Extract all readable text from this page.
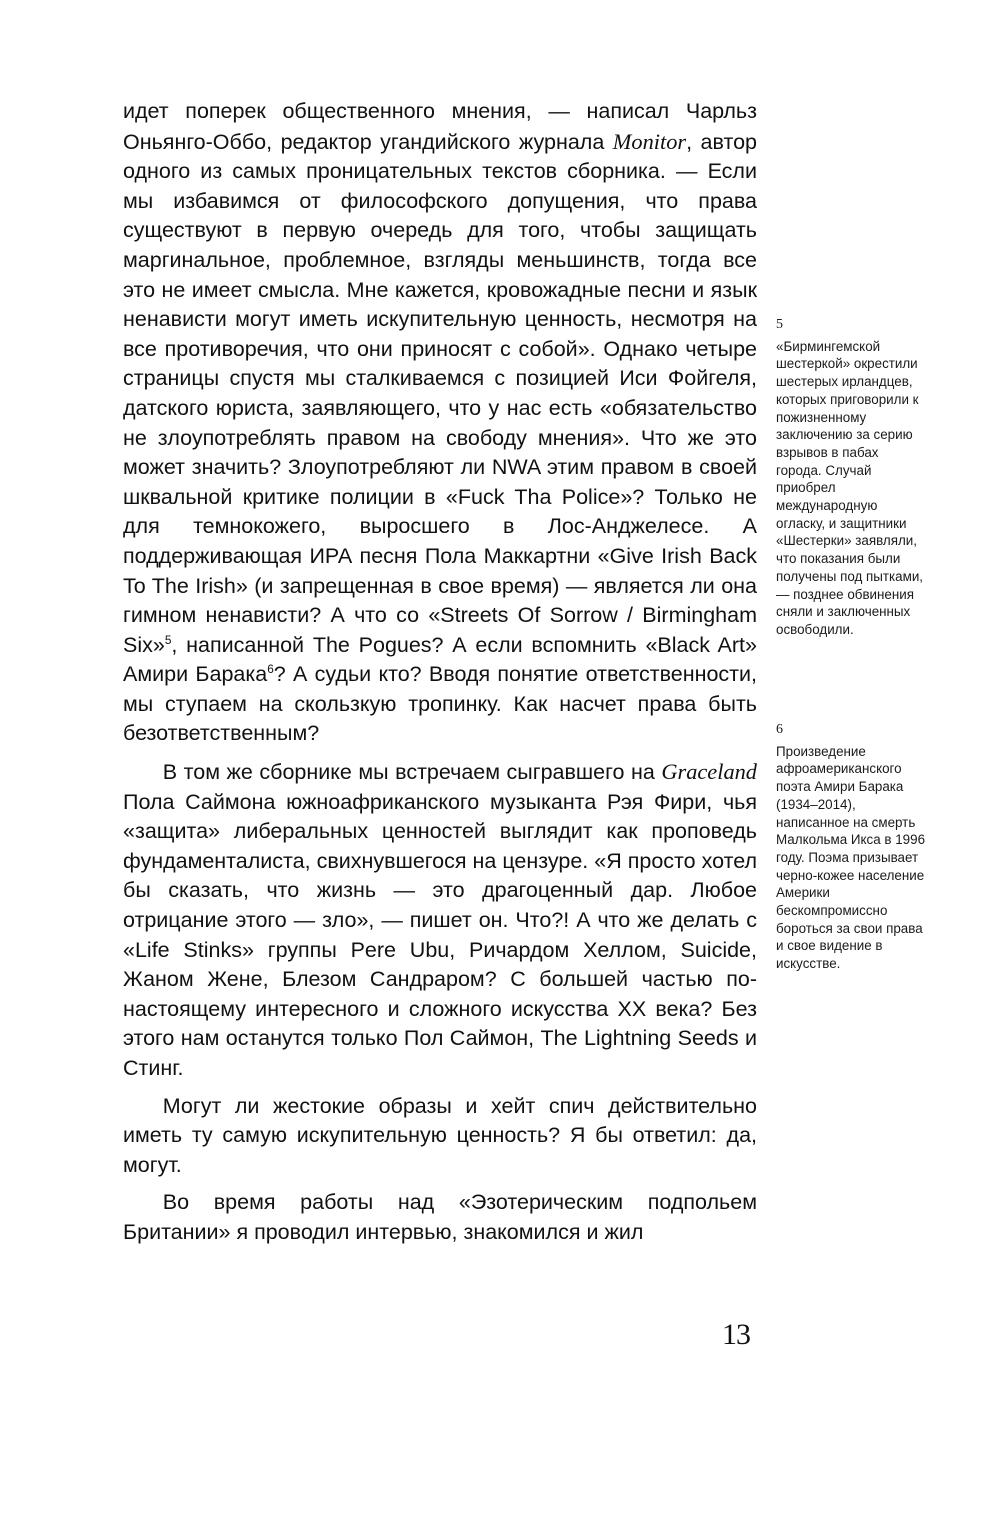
идет поперек общественного мнения, — написал Чарльз Оньянго-Оббо, редактор угандийского журнала Monitor, автор одного из самых проницательных текстов сборника. — Если мы избавимся от философского допущения, что права существуют в первую очередь для того, чтобы защищать маргинальное, проблемное, взгляды меньшинств, тогда все это не имеет смысла. Мне кажется, кровожадные песни и язык ненависти могут иметь искупительную ценность, несмотря на все противоречия, что они приносят с собой». Однако четыре страницы спустя мы сталкиваемся с позицией Иси Фойгеля, датского юриста, заявляющего, что у нас есть «обязательство не злоупотреблять правом на свободу мнения». Что же это может значить? Злоупотребляют ли NWA этим правом в своей шквальной критике полиции в «Fuck Tha Police»? Только не для темнокожего, выросшего в Лос-Анджелесе. А поддерживающая ИРА песня Пола Маккартни «Give Irish Back To The Irish» (и запрещенная в свое время) — является ли она гимном ненависти? А что со «Streets Of Sorrow / Birmingham Six»$^5$, написанной The Pogues? А если вспомнить «Black Art» Амири Барака$^6$? А судьи кто? Вводя понятие ответственности, мы ступаем на скользкую тропинку. Как насчет права быть безответственным?

В том же сборнике мы встречаем сыгравшего на Graceland Пола Саймона южноафриканского музыканта Рэя Фири, чья «защита» либеральных ценностей выглядит как проповедь фундаменталиста, свихнувшегося на цензуре. «Я просто хотел бы сказать, что жизнь — это драгоценный дар. Любое отрицание этого — зло», — пишет он. Что?! А что же делать с «Life Stinks» группы Pere Ubu, Ричардом Хеллом, Suicide, Жаном Жене, Блезом Сандраром? С большей частью по-настоящему интересного и сложного искусства XX века? Без этого нам останутся только Пол Саймон, The Lightning Seeds и Стинг.

Могут ли жестокие образы и хейт спич действительно иметь ту самую искупительную ценность? Я бы ответил: да, могут.

Во время работы над «Эзотерическим подпольем Британии» я проводил интервью, знакомился и жил

5

«Бирмингемской шестеркой» окрестили шестерых ирландцев, которых приговорили к пожизненному заключению за серию взрывов в пабах города. Случай приобрел международную огласку, и защитники «Шестерки» заявляли, что показания были получены под пытками, — позднее обвинения сняли и заключенных освободили.

6

Произведение афроамериканского поэта Амири Барака (1934–2014), написанное на смерть Малкольма Икса в 1996 году. Поэма призывает черно-кожее население Америки бескомпромиссно бороться за свои права и свое видение в искусстве.

13
